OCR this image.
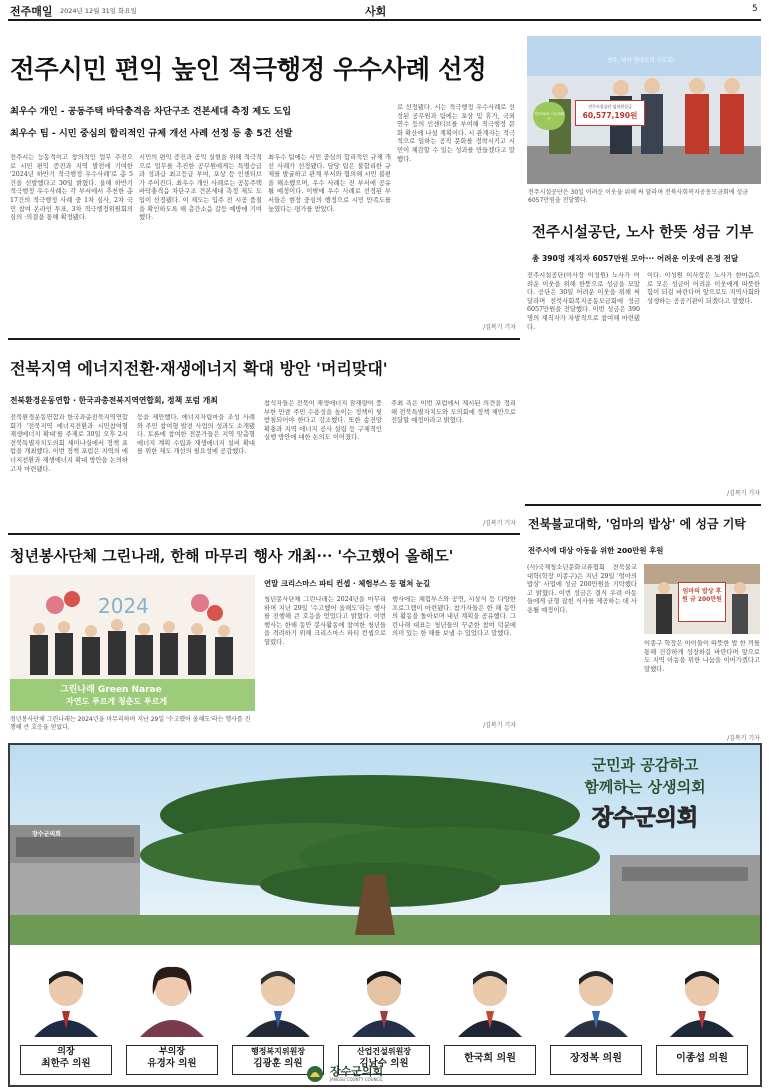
전주매일 2024년 12월 31일 화요일	사회	5
전주시민 편익 높인 적극행정 우수사례 선정
최우수 개인 - 공동주택 바닥충격음 차단구조 견본세대 측정 제도 도입
최우수 팀 - 시민 중심의 합리적인 규제 개선 사례 선정 등 총 5건 선발
전주시는 능동적이고 창의적인 업무 추진으로 시민 편익 증진과 지역 발전에 기여한 '2024년 하반기 적극행정 우수사례'로 총 5건을 선발했다고 30일 밝혔다. 올해 하반기 적극행정 우수사례는 각 부서에서 추천한 총 17건의 적극행정 사례 중 1차 심사, 2차 국민 참여 온라인 투표, 3차 적극행정위원회의 심의 ·의결을 통해 확정됐다.
시민의 편익 증진과 공익 실현을 위해 적극적으로 업무를 추진한 공무원에게는 특별승급과 성과급 최고등급 부여, 포상 등 인센티브가 주어진다. 최우수 개인 사례로는 공동주택 바닥충격음 차단구조 견본세대 측정 제도 도입이 선정됐다. 이 제도는 입주 전 시공 품질을 확인하도록 해 층간소음 갈등 예방에 기여했다.
최우수 팀에는 시민 중심의 합리적인 규제 개선 사례가 선정됐다. 담당 팀은 불합리한 규제를 발굴하고 관계 부서와 협의해 시민 불편을 해소했으며, 우수 사례는 전 부서에 공유될 예정이다. 이밖에 우수 사례로 선정된 부서들은 현장 중심의 행정으로 시민 만족도를 높였다는 평가를 받았다.
로 선정됐다. 시는 적극행정 우수사례로 선정된 공무원과 팀에는 포상 및 휴가, 국외 연수 등의 인센티브를 부여해 적극행정 문화 확산에 나설 계획이다. 시 관계자는 적극적으로 일하는 공직 문화를 정착시키고 시민이 체감할 수 있는 성과를 만들겠다고 말했다.
/김복기 기자
전주, 다시 전라도의 수도로!
전주시설공단 임직원성금
60,577,190원
희망2025 나눔캠페인
전주시설공단은 30일 어려운 이웃을 위해 써 달라며 전북사회복지공동모금회에 성금 6057만원을 전달했다.
전주시설공단, 노사 한뜻 성금 기부
총 390명 재직자 6057만원 모아··· 어려운 이웃에 온정 전달
전주시설공단(이사장 이성원) 노사가 어려운 이웃을 위해 한뜻으로 성금을 모았다. 공단은 30일 어려운 이웃을 위해 써 달라며 전북사회복지공동모금회에 성금 6057만원을 전달했다. 이번 성금은 390명의 재직자가 자발적으로 참여해 마련됐다.
이다. 이성원 이사장은 노사가 한마음으로 모은 성금이 어려운 이웃에게 따뜻한 힘이 되길 바란다며 앞으로도 지역사회와 상생하는 공공기관이 되겠다고 말했다.
/김복기 기자
전북지역 에너지전환·재생에너지 확대 방안 '머리맞대'
전북환경운동연합 · 한국과총전북지역연합회, 정책 포럼 개최
전북환경운동연합과 한국과총전북지역연합회가 '전북지역 에너지전환과 시민참여형 재생에너지 확대'를 주제로 30일 오후 2시 전북특별자치도의회 세미나실에서 정책 포럼을 개최했다. 이번 정책 포럼은 지역의 에너지전환과 재생에너지 확대 방안을 논의하고자 마련됐다.
등을 제안했다. 에너지자립마을 조성 사례와 주민 참여형 발전 사업의 성과도 소개됐다. 토론에 참여한 전문가들은 지역 맞춤형 에너지 계획 수립과 재생에너지 설비 확대를 위한 제도 개선의 필요성에 공감했다.
참석자들은 전북이 재생에너지 잠재량이 풍부한 만큼 주민 수용성을 높이는 정책이 뒷받침되어야 한다고 강조했다. 또한 송전망 확충과 지역 에너지 공사 설립 등 구체적인 실행 방안에 대한 논의도 이어졌다.
주최 측은 이번 포럼에서 제시된 의견을 정리해 전북특별자치도와 도의회에 정책 제안으로 전달할 예정이라고 밝혔다.
/김복기 기자
청년봉사단체 그린나래, 한해 마무리 행사 개최··· '수고했어 올해도'
2024
그린나래 Green Narae
자연도 푸르게 청춘도 푸르게
청년봉사단체 그린나래는 2024년을 마무리하며 지난 29일 '수고했어 올해도'라는 행사를 진행해 큰 호응을 얻었다.
연말 크리스마스 파티 컨셉 · 체험부스 등 펼쳐 눈길
청년봉사단체 그린나래는 2024년을 마무리하며 지난 29일 '수고했어 올해도'라는 행사를 진행해 큰 호응을 얻었다고 밝혔다. 이번 행사는 한해 동안 봉사활동에 참여한 청년들을 격려하기 위해 크리스마스 파티 컨셉으로 열렸다.
행사에는 체험부스와 공연, 시상식 등 다양한 프로그램이 마련됐다. 참가자들은 한 해 동안의 활동을 돌아보며 내년 계획을 공유했다. 그린나래 대표는 청년들의 꾸준한 참여 덕분에 의미 있는 한 해를 보낼 수 있었다고 말했다.
/김복기 기자
전북불교대학, '엄마의 밥상' 에 성금 기탁
전주시에 대상 아동을 위한 200만원 후원
(사)국제청소년문화교류협회 전북불교대학(학장 이종구)은 지난 29일 '엄마의 밥상' 사업에 성금 200만원을 기탁했다고 밝혔다. 이번 성금은 결식 우려 아동들에게 균형 잡힌 식사를 제공하는 데 사용될 예정이다.
엄마의 밥상 후원 금 200만원
이종구 학장은 아이들이 따뜻한 밥 한 끼를 통해 건강하게 성장하길 바란다며 앞으로도 지역 아동을 위한 나눔을 이어가겠다고 말했다.
/김복기 기자
장수군의회
군민과 공감하고
함께하는 상생의회
장수군의회
의장
최한주 의원
부의장
유경자 의원
행정복지위원장
김광훈 의원
산업건설위원장
김남수 의원	한국희 의원	장정복 의원	이종섭 의원
장수군의회
JANGSU COUNTY COUNCIL
